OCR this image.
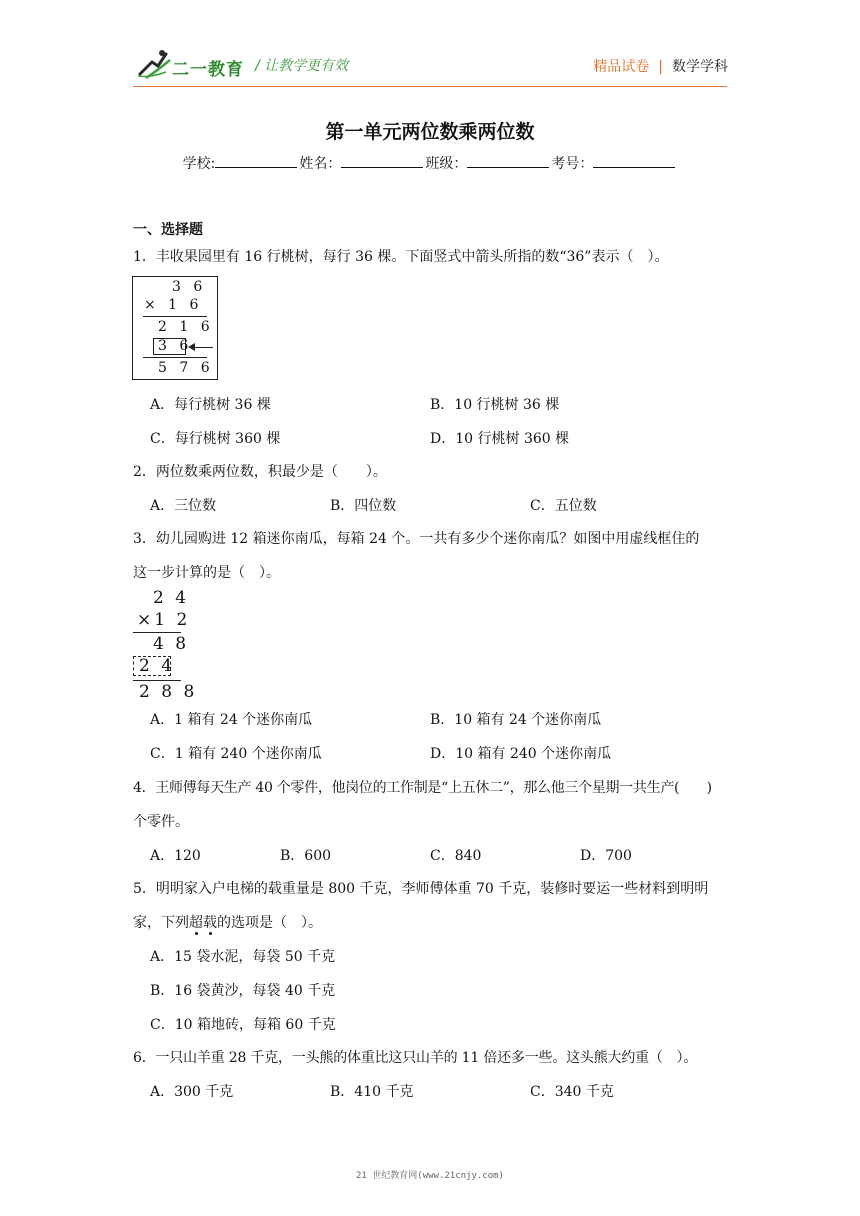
二一教育 / 让教学更有效	精品试卷 | 数学学科
第一单元两位数乘两位数
学校:	姓名：	班级：	考号：
一、选择题
1．丰收果园里有 16 行桃树，每行 36 棵。下面竖式中箭头所指的数“36”表示（　）。
3 6
× 1 6
2 1 6
3 6
5 7 6
A．每行桃树 36 棵	B．10 行桃树 36 棵
C．每行桃树 360 棵	D．10 行桃树 360 棵
2．两位数乘两位数，积最少是（　　）。
A．三位数	B．四位数	C．五位数
3．幼儿园购进 12 箱迷你南瓜，每箱 24 个。一共有多少个迷你南瓜？如图中用虚线框住的
这一步计算的是（　）。
2 4
×1 2
4 8
2 4
2 8 8
A．1 箱有 24 个迷你南瓜	B．10 箱有 24 个迷你南瓜
C．1 箱有 240 个迷你南瓜	D．10 箱有 240 个迷你南瓜
4．王师傅每天生产 40 个零件，他岗位的工作制是“上五休二”，那么他三个星期一共生产(　　)
个零件。
A．120	B．600	C．840	D．700
5．明明家入户电梯的载重量是 800 千克，李师傅体重 70 千克，装修时要运一些材料到明明
家，下列超载的选项是（　）。
A．15 袋水泥，每袋 50 千克
B．16 袋黄沙，每袋 40 千克
C．10 箱地砖，每箱 60 千克
6．一只山羊重 28 千克，一头熊的体重比这只山羊的 11 倍还多一些。这头熊大约重（　）。
A．300 千克	B．410 千克	C．340 千克
21 世纪教育网(www.21cnjy.com)
